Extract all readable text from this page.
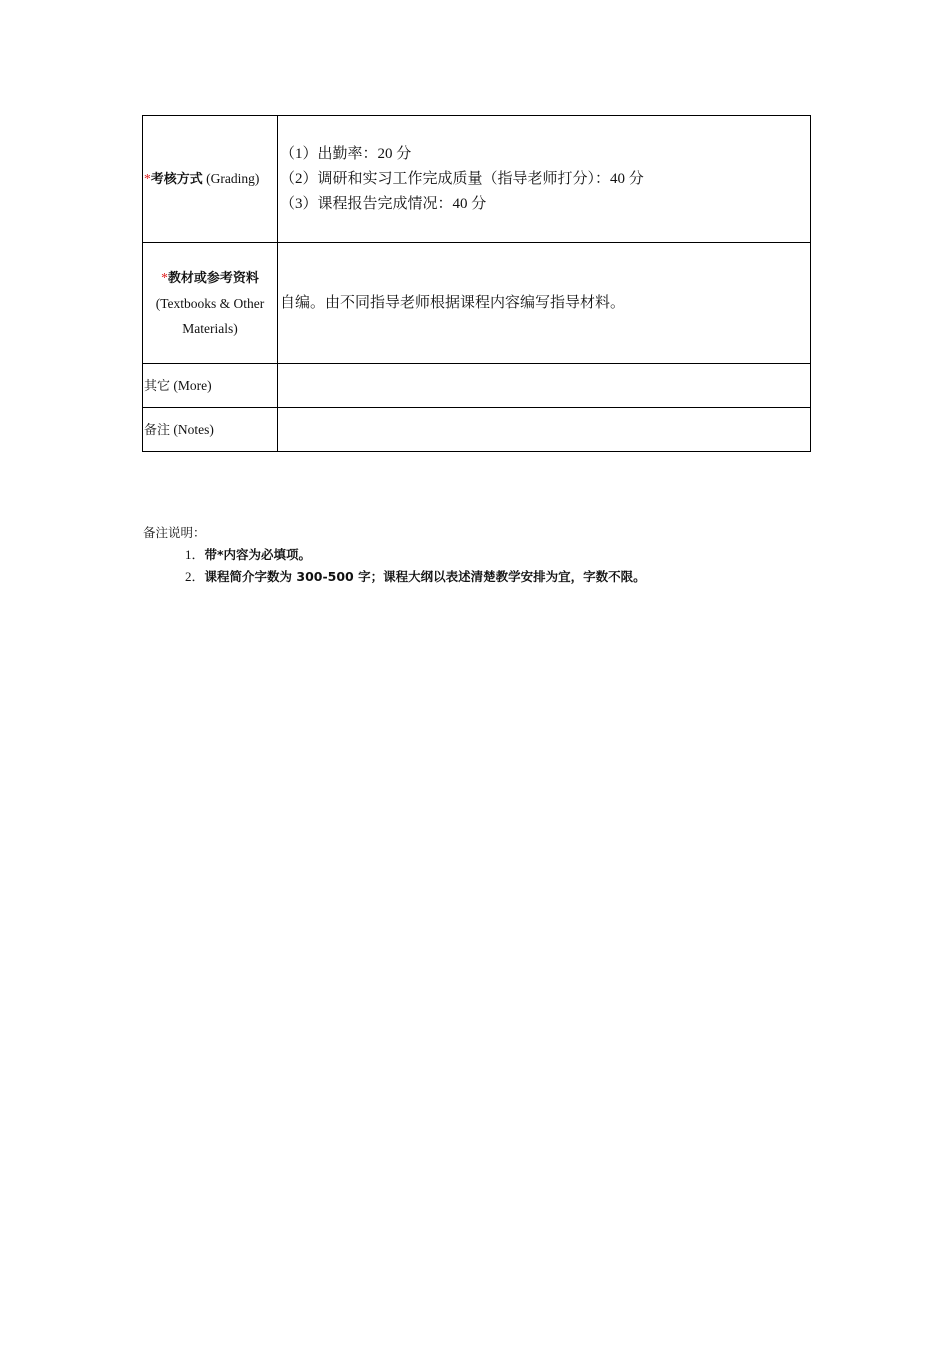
*考核方式 (Grading)	（1）出勤率：20 分
（2）调研和实习工作完成质量（指导老师打分）：40 分
（3）课程报告完成情况：40 分

*教材或参考资料
(Textbooks & Other
Materials)	自编。由不同指导老师根据课程内容编写指导材料。

其它 (More)	
备注 (Notes)	
备注说明：
1．带*内容为必填项。
2．课程简介字数为 300-500 字；课程大纲以表述清楚教学安排为宜，字数不限。
